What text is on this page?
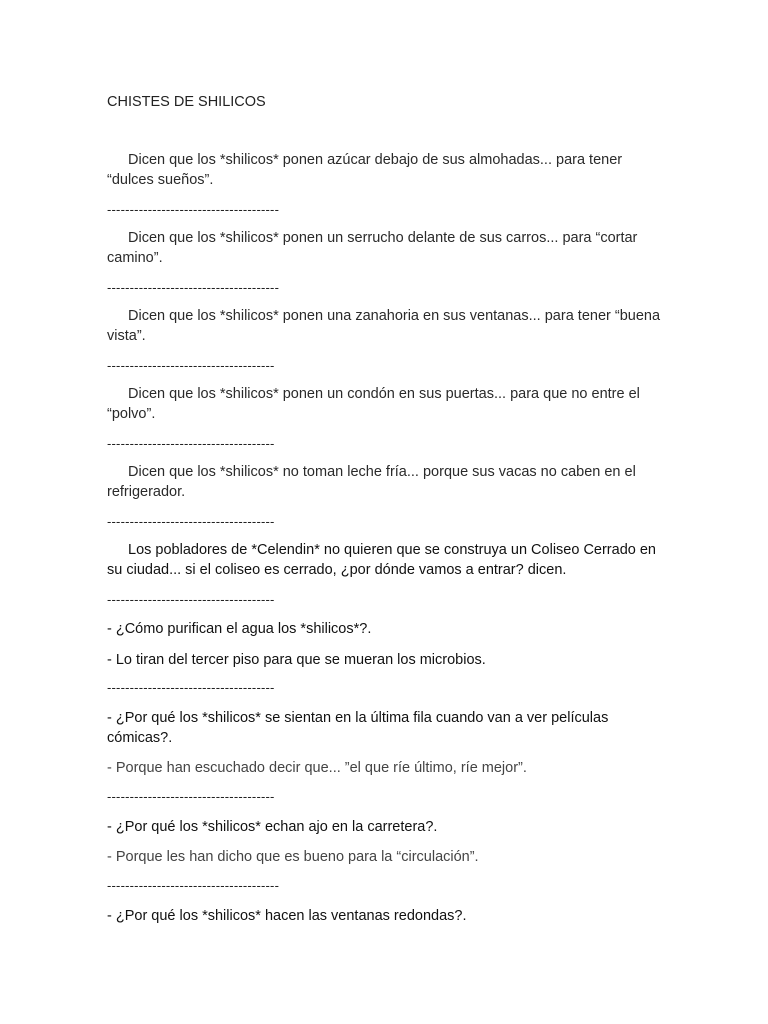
CHISTES DE SHILICOS

Dicen que los *shilicos* ponen azúcar debajo de sus almohadas... para tener “dulces sueños”.

--------------------------------------

Dicen que los *shilicos* ponen un serrucho delante de sus carros... para “cortar camino”.

--------------------------------------

Dicen que los *shilicos* ponen una zanahoria en sus ventanas... para tener “buena vista”.

-------------------------------------

Dicen que los *shilicos* ponen un condón en sus puertas... para que no entre el “polvo”.

-------------------------------------

Dicen que los *shilicos* no toman leche fría... porque sus vacas no caben en el refrigerador.

-------------------------------------

Los pobladores de *Celendin* no quieren que se construya un Coliseo Cerrado en su ciudad... si el coliseo es cerrado, ¿por dónde vamos a entrar? dicen.

-------------------------------------

- ¿Cómo purifican el agua los *shilicos*?.

- Lo tiran del tercer piso para que se mueran los microbios.

-------------------------------------

- ¿Por qué los *shilicos* se sientan en la última fila cuando van a ver películas cómicas?.

- Porque han escuchado decir que... ”el que ríe último, ríe mejor”.

-------------------------------------

- ¿Por qué los *shilicos* echan ajo en la carretera?.

- Porque les han dicho que es bueno para la “circulación”.

--------------------------------------

- ¿Por qué los *shilicos* hacen las ventanas redondas?.
